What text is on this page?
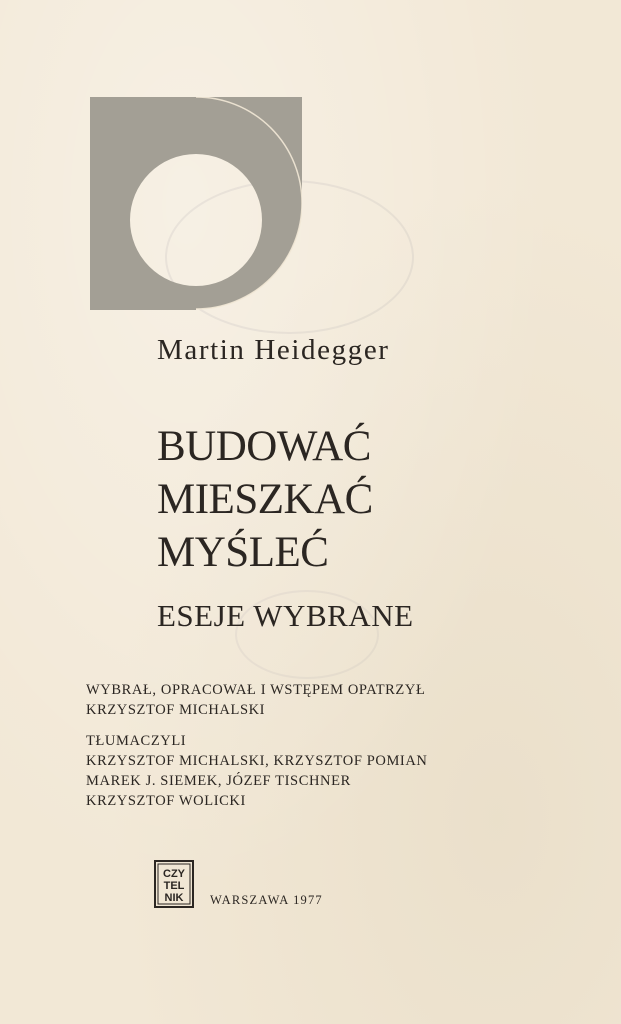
Martin Heidegger
BUDOWAĆ
MIESZKAĆ
MYŚLEĆ
ESEJE WYBRANE
WYBRAŁ, OPRACOWAŁ I WSTĘPEM OPATRZYŁ
KRZYSZTOF MICHALSKI
TŁUMACZYLI
KRZYSZTOF MICHALSKI, KRZYSZTOF POMIAN
MAREK J. SIEMEK, JÓZEF TISCHNER
KRZYSZTOF WOLICKI
CZY
TEL
NIK WARSZAWA 1977
